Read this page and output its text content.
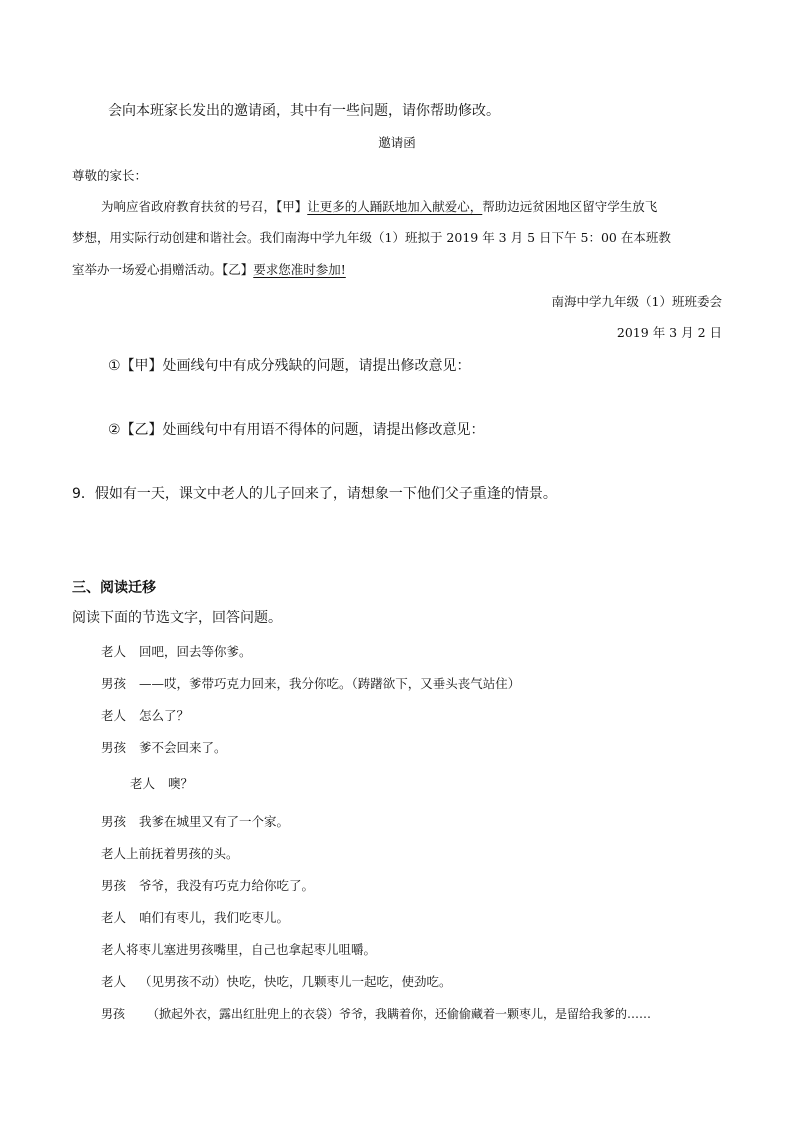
会向本班家长发出的邀请函，其中有一些问题，请你帮助修改。
邀请函
尊敬的家长：
为响应省政府教育扶贫的号召，【甲】让更多的人踊跃地加入献爱心，帮助边远贫困地区留守学生放飞
梦想，用实际行动创建和谐社会。我们南海中学九年级（1）班拟于 2019 年 3 月 5 日下午 5：00 在本班教
室举办一场爱心捐赠活动。【乙】要求您准时参加!
南海中学九年级（1）班班委会
2019 年 3 月 2 日
①【甲】处画线句中有成分残缺的问题，请提出修改意见：
②【乙】处画线句中有用语不得体的问题，请提出修改意见：
9．假如有一天，课文中老人的儿子回来了，请想象一下他们父子重逢的情景。
三、阅读迁移
阅读下面的节选文字，回答问题。
老人 回吧，回去等你爹。
男孩 ——哎，爹带巧克力回来，我分你吃。（踌躇欲下，又垂头丧气站住）
老人 怎么了？
男孩 爹不会回来了。
老人 噢？
男孩 我爹在城里又有了一个家。
老人上前抚着男孩的头。
男孩 爷爷，我没有巧克力给你吃了。
老人 咱们有枣儿，我们吃枣儿。
老人将枣儿塞进男孩嘴里，自己也拿起枣儿咀嚼。
老人 （见男孩不动）快吃，快吃，几颗枣儿一起吃，使劲吃。
男孩 （掀起外衣，露出红肚兜上的衣袋）爷爷，我瞒着你，还偷偷藏着一颗枣儿，是留给我爹的……
